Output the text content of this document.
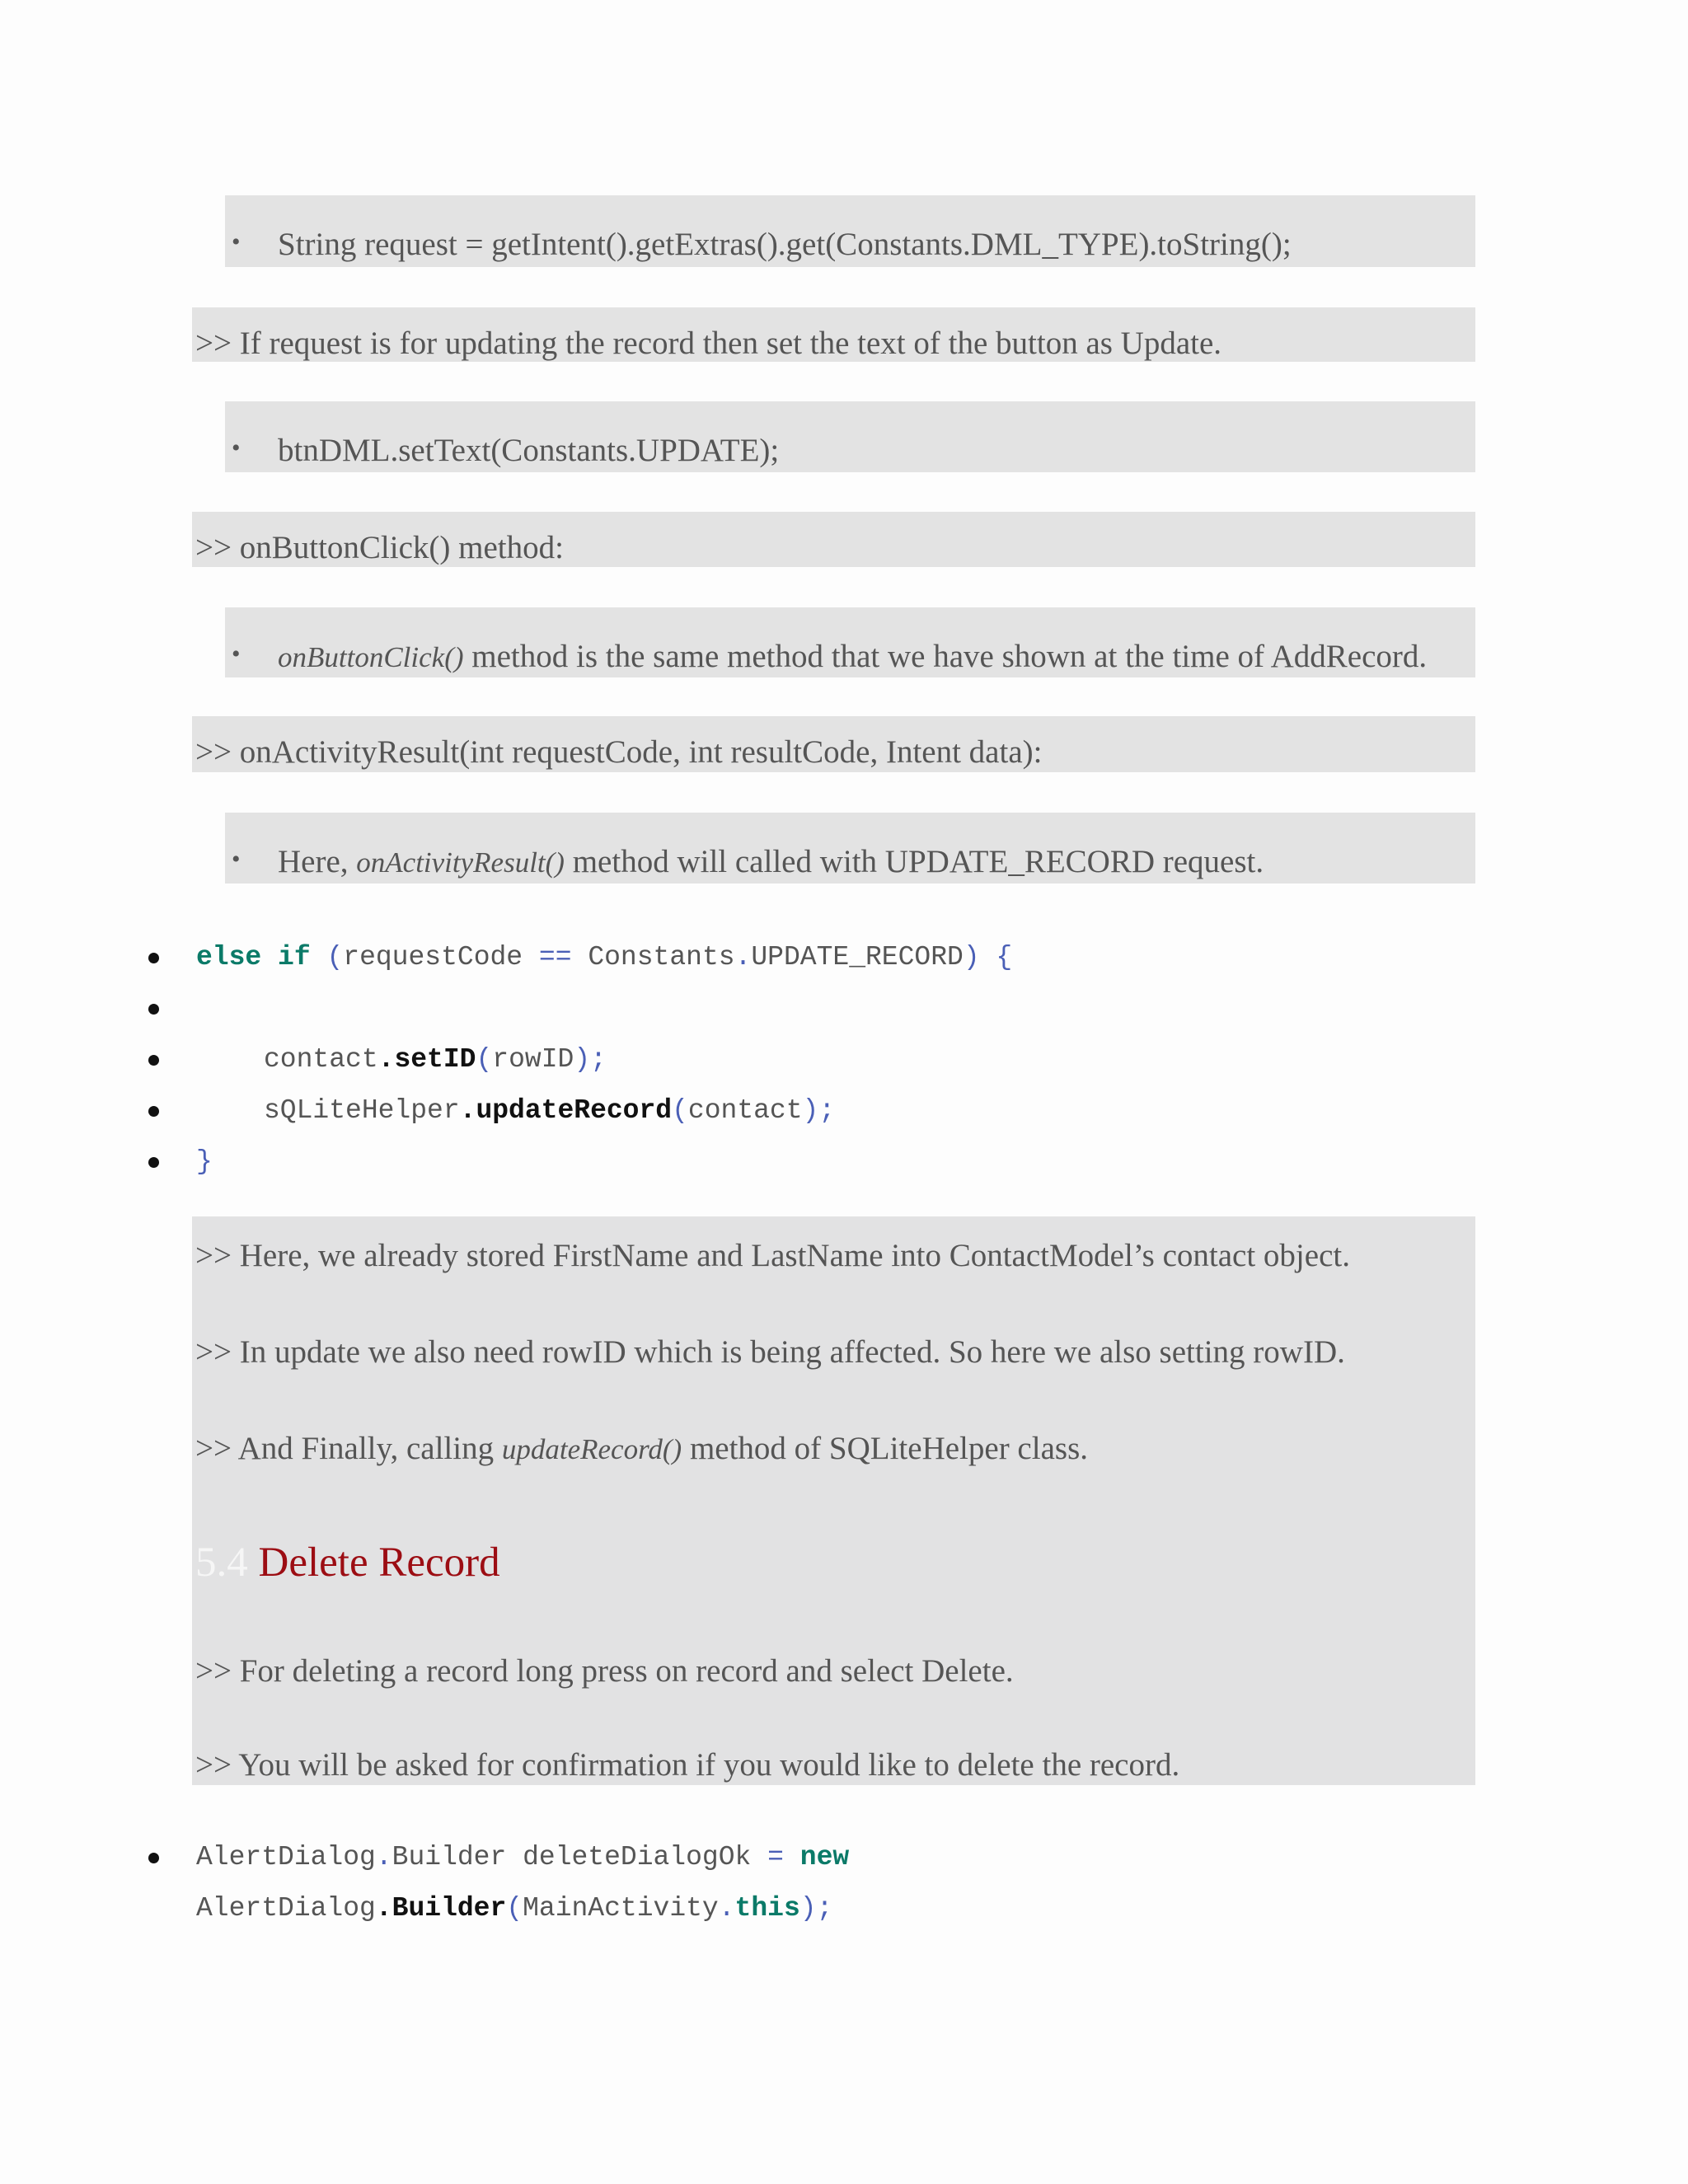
• String request = getIntent().getExtras().get(Constants.DML_TYPE).toString();
>> If request is for updating the record then set the text of the button as Update.
• btnDML.setText(Constants.UPDATE);
>> onButtonClick() method:
• onButtonClick() method is the same method that we have shown at the time of AddRecord.
>> onActivityResult(int requestCode, int resultCode, Intent data):
• Here, onActivityResult() method will called with UPDATE_RECORD request.
else if (requestCode == Constants.UPDATE_RECORD) {
contact.setID(rowID);
sQLiteHelper.updateRecord(contact);
}
>> Here, we already stored FirstName and LastName into ContactModel’s contact object.
>> In update we also need rowID which is being affected. So here we also setting rowID.
>> And Finally, calling updateRecord() method of SQLiteHelper class.
5.4 Delete Record
>> For deleting a record long press on record and select Delete.
>> You will be asked for confirmation if you would like to delete the record.
AlertDialog.Builder deleteDialogOk = new
AlertDialog.Builder(MainActivity.this);
